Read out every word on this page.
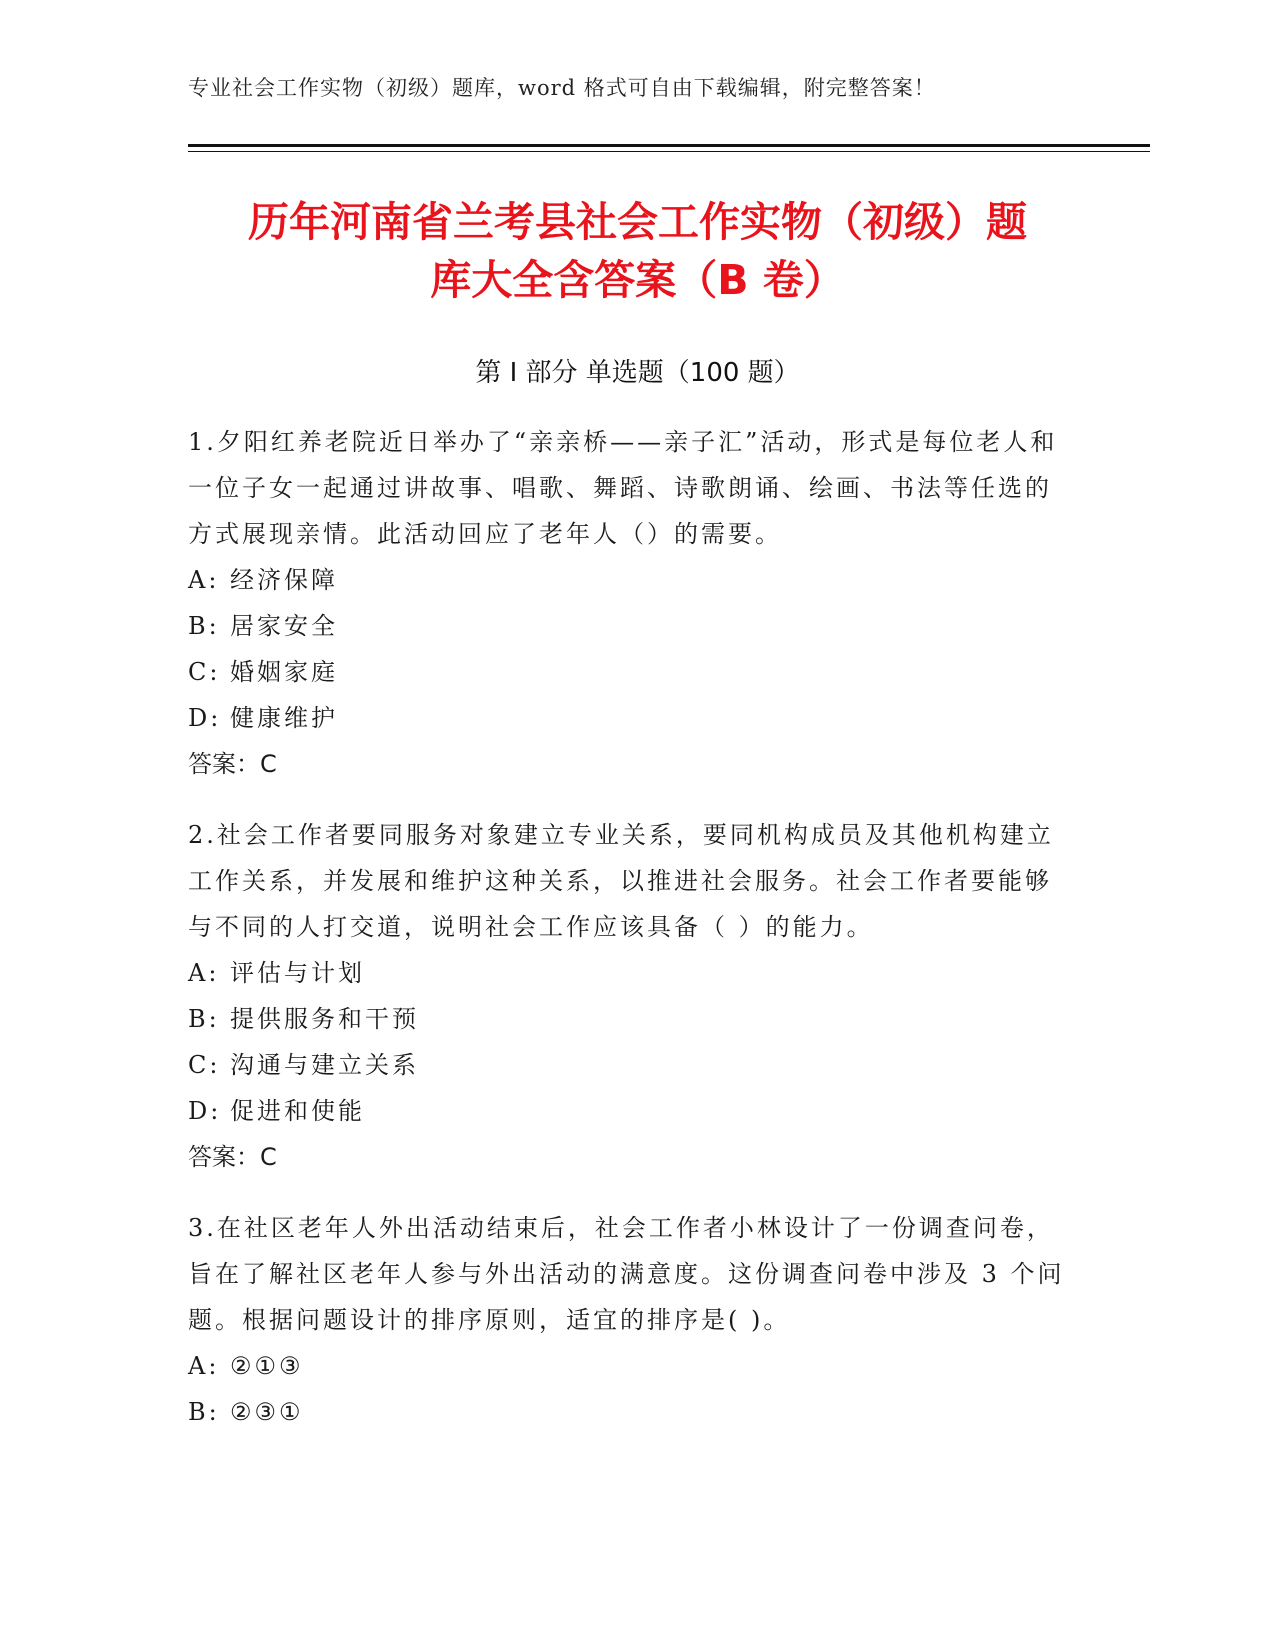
专业社会工作实物（初级）题库，word 格式可自由下载编辑，附完整答案！
历年河南省兰考县社会工作实物（初级）题
库大全含答案（B 卷）
第 I 部分 单选题（100 题）

1.夕阳红养老院近日举办了“亲亲桥——亲子汇”活动，形式是每位老人和一位子女一起通过讲故事、唱歌、舞蹈、诗歌朗诵、绘画、书法等任选的方式展现亲情。此活动回应了老年人（）的需要。

A: 经济保障

B: 居家安全

C: 婚姻家庭

D: 健康维护

答案：C

2.社会工作者要同服务对象建立专业关系，要同机构成员及其他机构建立工作关系，并发展和维护这种关系，以推进社会服务。社会工作者要能够与不同的人打交道，说明社会工作应该具备（ ）的能力。

A: 评估与计划

B: 提供服务和干预

C: 沟通与建立关系

D: 促进和使能

答案：C

3.在社区老年人外出活动结束后，社会工作者小林设计了一份调查问卷，旨在了解社区老年人参与外出活动的满意度。这份调查问卷中涉及 3 个问题。根据问题设计的排序原则，适宜的排序是( )。

A: ②①③

B: ②③①
